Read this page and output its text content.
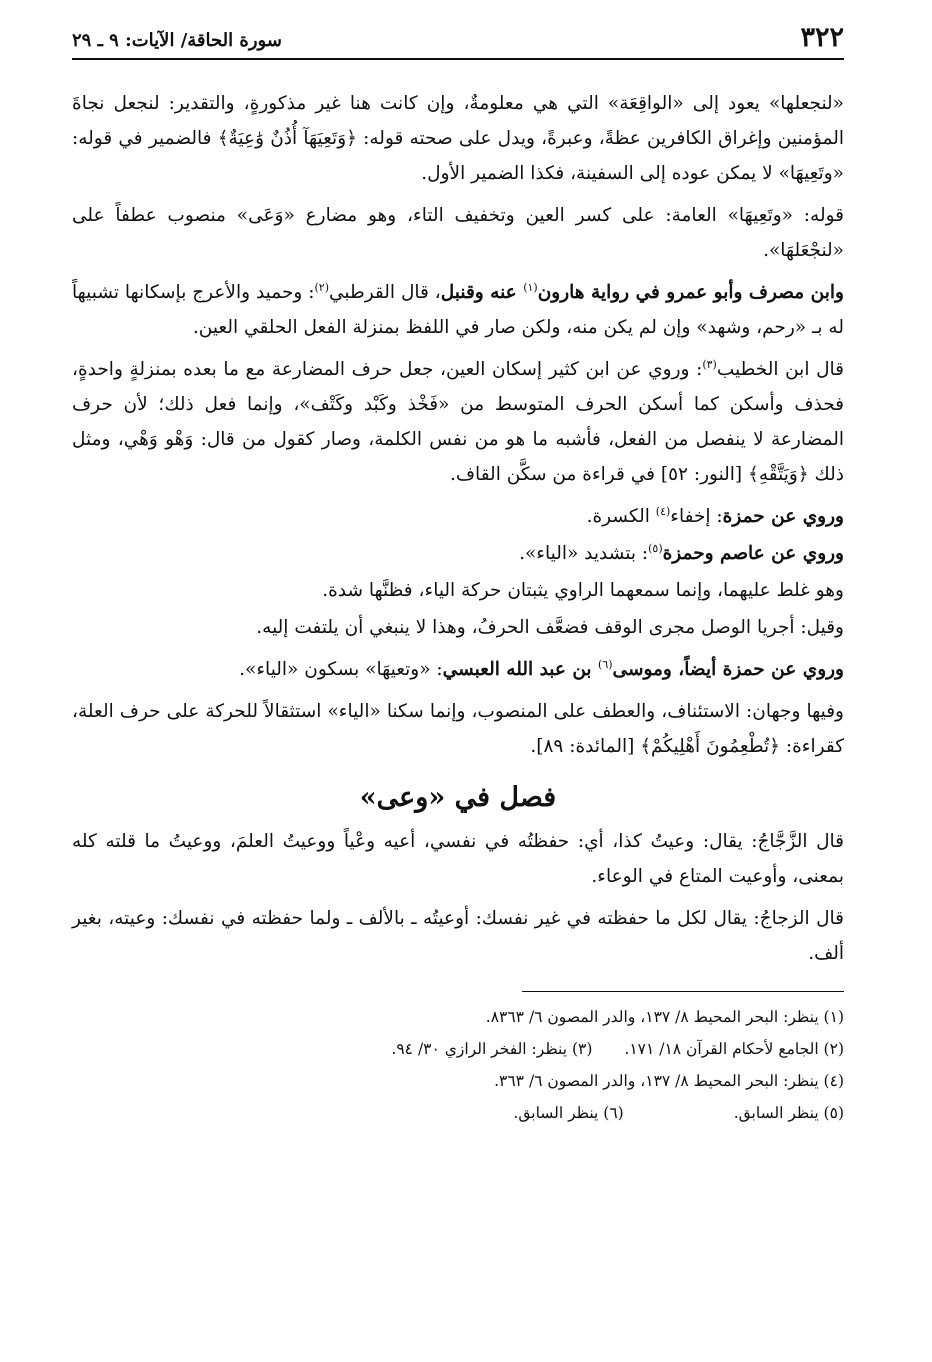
٣٢٢
سورة الحاقة/ الآيات: ٩ ـ ٢٩

«لنجعلها» يعود إلى «الواقِعَة» التي هي معلومةٌ، وإن كانت هنا غير مذكورةٍ، والتقدير: لنجعل نجاةَ المؤمنين وإغراق الكافرين عظةً، وعبرةً، ويدل على صحته قوله: ﴿وَتَعِيَهَآ أُذُنٌ وَٰعِيَةٌ﴾ فالضمير في قوله: «وتَعِيهَا» لا يمكن عوده إلى السفينة، فكذا الضمير الأول.

قوله: «وتَعِيهَا» العامة: على كسر العين وتخفيف التاء، وهو مضارع «وَعَى» منصوب عطفاً على «لنجْعَلهَا».

وابن مصرف وأبو عمرو في رواية هارون$^{(١)}$ عنه وقنبل، قال القرطبي$^{(٢)}$: وحميد والأعرج بإسكانها تشبيهاً له بـ «رحم، وشهد» وإن لم يكن منه، ولكن صار في اللفظ بمنزلة الفعل الحلقي العين.

قال ابن الخطيب$^{(٣)}$: وروي عن ابن كثير إسكان العين، جعل حرف المضارعة مع ما بعده بمنزلةٍ واحدةٍ، فحذف وأسكن كما أسكن الحرف المتوسط من «فَخْذ وكَبْد وكَتْف»، وإنما فعل ذلك؛ لأن حرف المضارعة لا ينفصل من الفعل، فأشبه ما هو من نفس الكلمة، وصار كقول من قال: وَهْو وَهْي، ومثل ذلك ﴿وَيَتَّقْهِ﴾ [النور: ٥٢] في قراءة من سكَّن القاف.

وروي عن حمزة: إخفاء$^{(٤)}$ الكسرة.

وروي عن عاصم وحمزة$^{(٥)}$: بتشديد «الياء».

وهو غلط عليهما، وإنما سمعهما الراوي يثبتان حركة الياء، فظنَّها شدة.

وقيل: أجريا الوصل مجرى الوقف فضعَّف الحرفُ، وهذا لا ينبغي أن يلتفت إليه.

وروي عن حمزة أيضاً، وموسى$^{(٦)}$ بن عبد الله العبسي: «وتعيهَا» بسكون «الياء».

وفيها وجهان: الاستئناف، والعطف على المنصوب، وإنما سكنا «الياء» استثقالاً للحركة على حرف العلة، كقراءة: ﴿تُطْعِمُونَ أَهْلِيكُمْ﴾ [المائدة: ٨٩].

فصل في «وعى»

قال الزَّجَّاجُ: يقال: وعيتُ كذا، أي: حفظتُه في نفسي، أعيه وعْياً ووعيتُ العلمَ، ووعيتُ ما قلته كله بمعنى، وأوعيت المتاع في الوعاء.

قال الزجاجُ: يقال لكل ما حفظته في غير نفسك: أوعيتُه ـ بالألف ـ ولما حفظته في نفسك: وعيته، بغير ألف.

(١) ينظر: البحر المحيط ٨/ ١٣٧، والدر المصون ٦/ ٨٣٦٣.

(٢) الجامع لأحكام القرآن ١٨/ ١٧١.(٣) ينظر: الفخر الرازي ٣٠/ ٩٤.

(٤) ينظر: البحر المحيط ٨/ ١٣٧، والدر المصون ٦/ ٣٦٣.

(٥) ينظر السابق.(٦) ينظر السابق.
